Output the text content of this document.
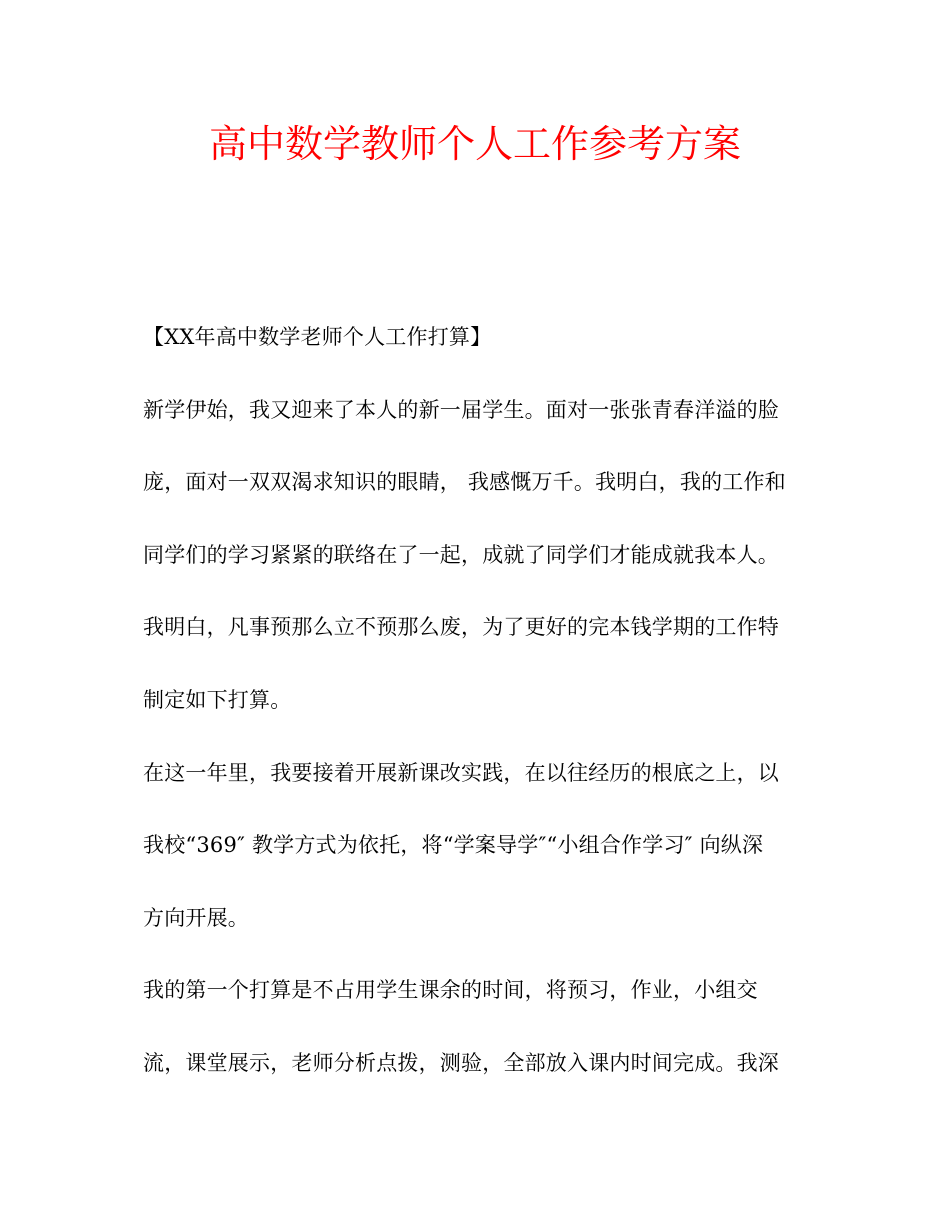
高中数学教师个人工作参考方案

【XX年高中数学老师个人工作打算】

新学伊始，我又迎来了本人的新一届学生。面对一张张青春洋溢的脸

庞，面对一双双渴求知识的眼睛， 我感慨万千。我明白，我的工作和

同学们的学习紧紧的联络在了一起，成就了同学们才能成就我本人。

我明白，凡事预那么立不预那么废，为了更好的完本钱学期的工作特

制定如下打算。

在这一年里，我要接着开展新课改实践，在以往经历的根底之上，以

我校“369″ 教学方式为依托，将“学案导学″“小组合作学习″ 向纵深

方向开展。

我的第一个打算是不占用学生课余的时间，将预习，作业，小组交

流，课堂展示，老师分析点拨，测验，全部放入课内时间完成。我深
